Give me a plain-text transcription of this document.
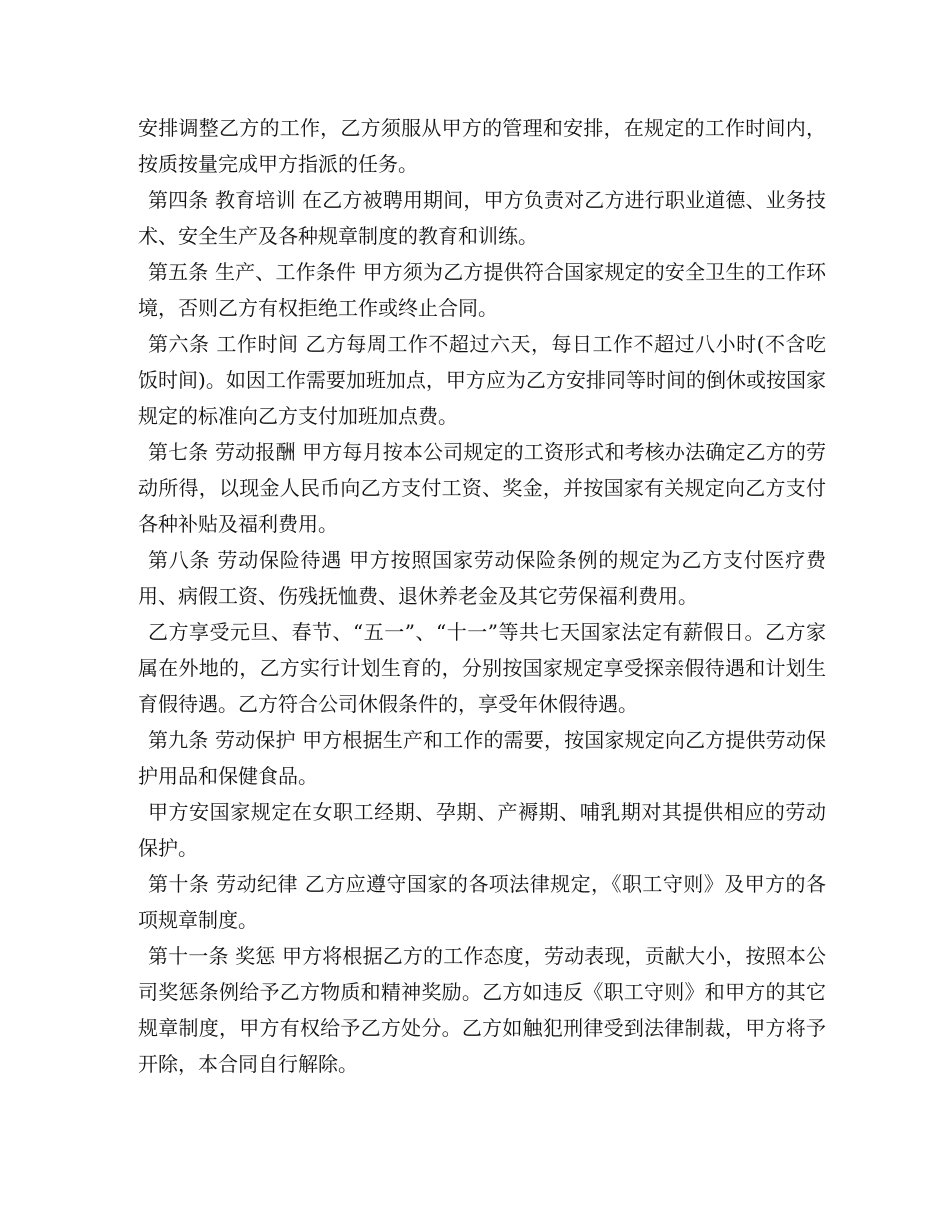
安排调整乙方的工作，乙方须服从甲方的管理和安排，在规定的工作时间内，按质按量完成甲方指派的任务。

第四条 教育培训 在乙方被聘用期间，甲方负责对乙方进行职业道德、业务技术、安全生产及各种规章制度的教育和训练。

第五条 生产、工作条件 甲方须为乙方提供符合国家规定的安全卫生的工作环境，否则乙方有权拒绝工作或终止合同。

第六条 工作时间 乙方每周工作不超过六天，每日工作不超过八小时(不含吃饭时间)。如因工作需要加班加点，甲方应为乙方安排同等时间的倒休或按国家规定的标准向乙方支付加班加点费。

第七条 劳动报酬 甲方每月按本公司规定的工资形式和考核办法确定乙方的劳动所得，以现金人民币向乙方支付工资、奖金，并按国家有关规定向乙方支付各种补贴及福利费用。

第八条 劳动保险待遇 甲方按照国家劳动保险条例的规定为乙方支付医疗费用、病假工资、伤残抚恤费、退休养老金及其它劳保福利费用。

乙方享受元旦、春节、“五一”、“十一”等共七天国家法定有薪假日。乙方家属在外地的，乙方实行计划生育的，分别按国家规定享受探亲假待遇和计划生育假待遇。乙方符合公司休假条件的，享受年休假待遇。

第九条 劳动保护 甲方根据生产和工作的需要，按国家规定向乙方提供劳动保护用品和保健食品。

甲方安国家规定在女职工经期、孕期、产褥期、哺乳期对其提供相应的劳动保护。

第十条 劳动纪律 乙方应遵守国家的各项法律规定，《职工守则》及甲方的各项规章制度。

第十一条 奖惩 甲方将根据乙方的工作态度，劳动表现，贡献大小，按照本公司奖惩条例给予乙方物质和精神奖励。乙方如违反《职工守则》和甲方的其它规章制度，甲方有权给予乙方处分。乙方如触犯刑律受到法律制裁，甲方将予开除，本合同自行解除。
